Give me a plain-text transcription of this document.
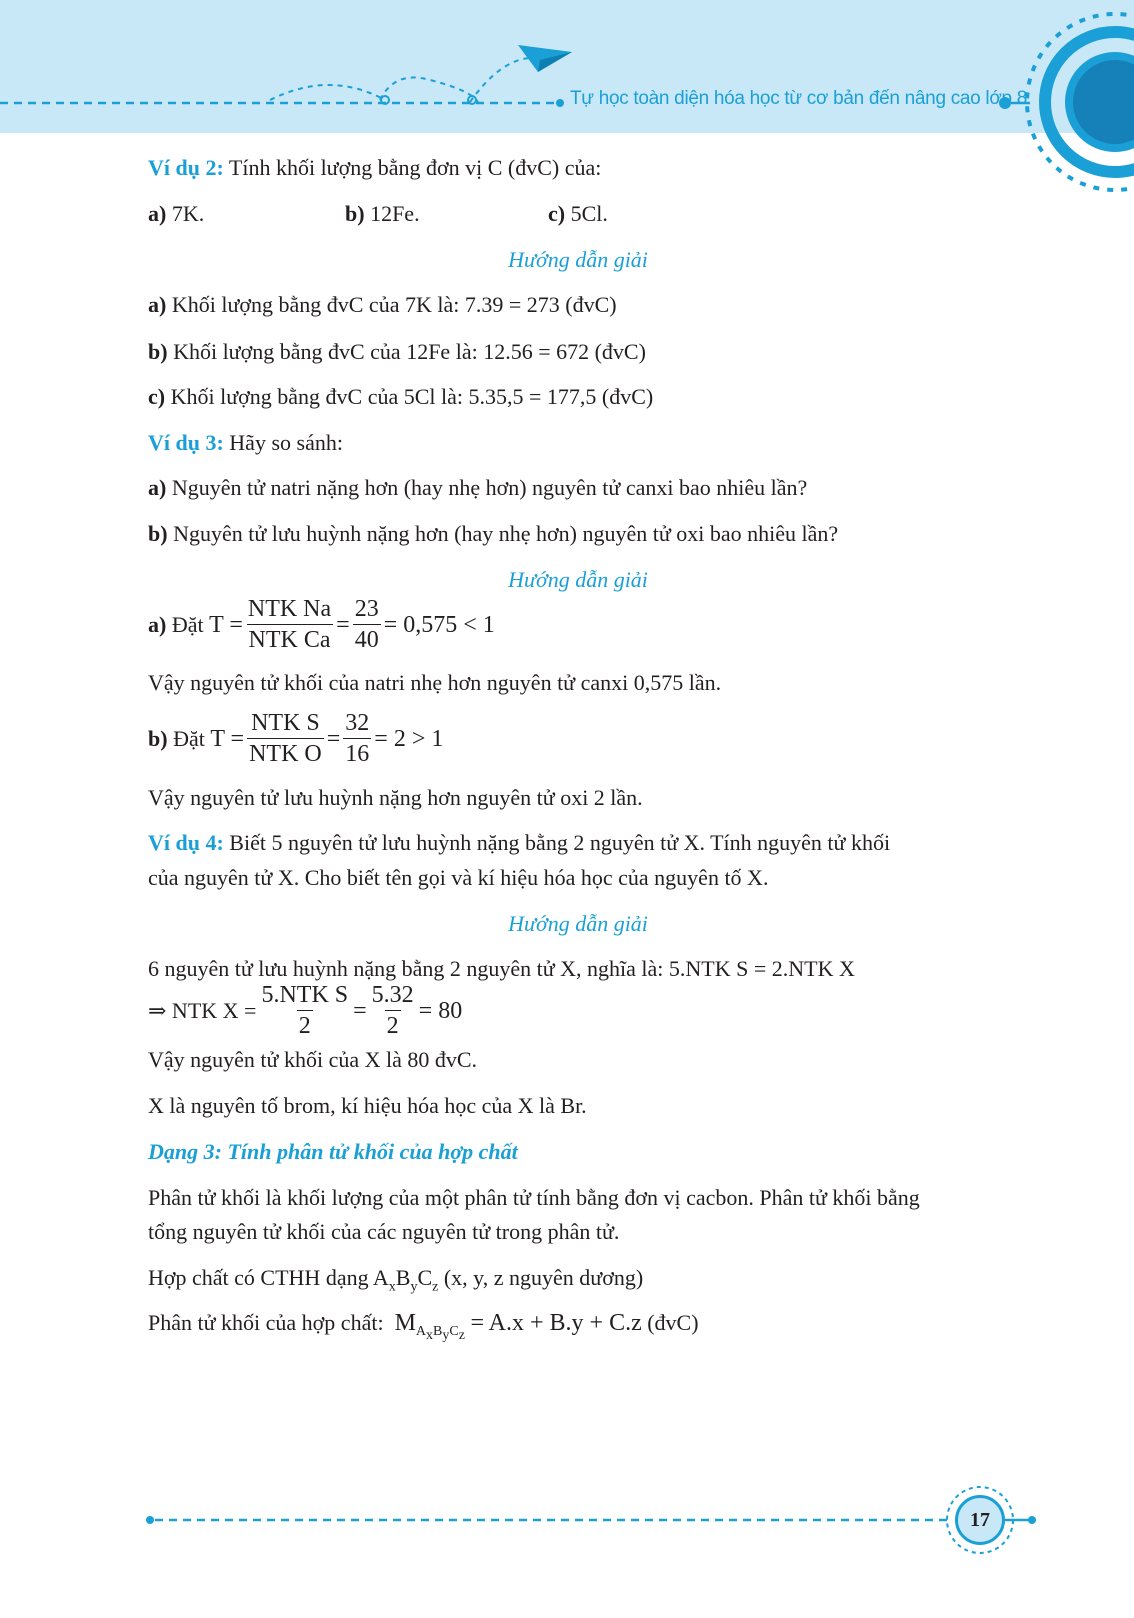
Tự học toàn diện hóa học từ cơ bản đến nâng cao lớp 8
Ví dụ 2: Tính khối lượng bằng đơn vị C (đvC) của:
a) 7K.	b) 12Fe.	c) 5Cl.
Hướng dẫn giải
a) Khối lượng bằng đvC của 7K là: 7.39 = 273 (đvC)
b) Khối lượng bằng đvC của 12Fe là: 12.56 = 672 (đvC)
c) Khối lượng bằng đvC của 5Cl là: 5.35,5 = 177,5 (đvC)
Ví dụ 3: Hãy so sánh:
a) Nguyên tử natri nặng hơn (hay nhẹ hơn) nguyên tử canxi bao nhiêu lần?
b) Nguyên tử lưu huỳnh nặng hơn (hay nhẹ hơn) nguyên tử oxi bao nhiêu lần?
Hướng dẫn giải
a)
Đặt
$T = \frac{\text{NTK Na}}{\text{NTK Ca}} = \frac{23}{40} = 0,575 < 1$
Vậy nguyên tử khối của natri nhẹ hơn nguyên tử canxi 0,575 lần.
b)
Đặt
$T = \frac{\text{NTK S}}{\text{NTK O}} = \frac{32}{16} = 2 > 1$
Vậy nguyên tử lưu huỳnh nặng hơn nguyên tử oxi 2 lần.
Ví dụ 4: Biết 5 nguyên tử lưu huỳnh nặng bằng 2 nguyên tử X. Tính nguyên tử khối
của nguyên tử X. Cho biết tên gọi và kí hiệu hóa học của nguyên tố X.
Hướng dẫn giải
6 nguyên tử lưu huỳnh nặng bằng 2 nguyên tử X, nghĩa là: 5.NTK S = 2.NTK X
⇒ NTK $X = \frac{\text{5.NTK S}}{2} = \frac{5.32}{2} = 80$
Vậy nguyên tử khối của X là 80 đvC.
X là nguyên tố brom, kí hiệu hóa học của X là Br.
Dạng 3: Tính phân tử khối của hợp chất
Phân tử khối là khối lượng của một phân tử tính bằng đơn vị cacbon. Phân tử khối bằng
tổng nguyên tử khối của các nguyên tử trong phân tử.
Hợp chất có CTHH dạng $A_xB_yC_z$ (x, y, z nguyên dương)
Phân tử khối của hợp chất: $M_{A_xB_yC_z} = A.x + B.y + C.z$ (đvC)
17
